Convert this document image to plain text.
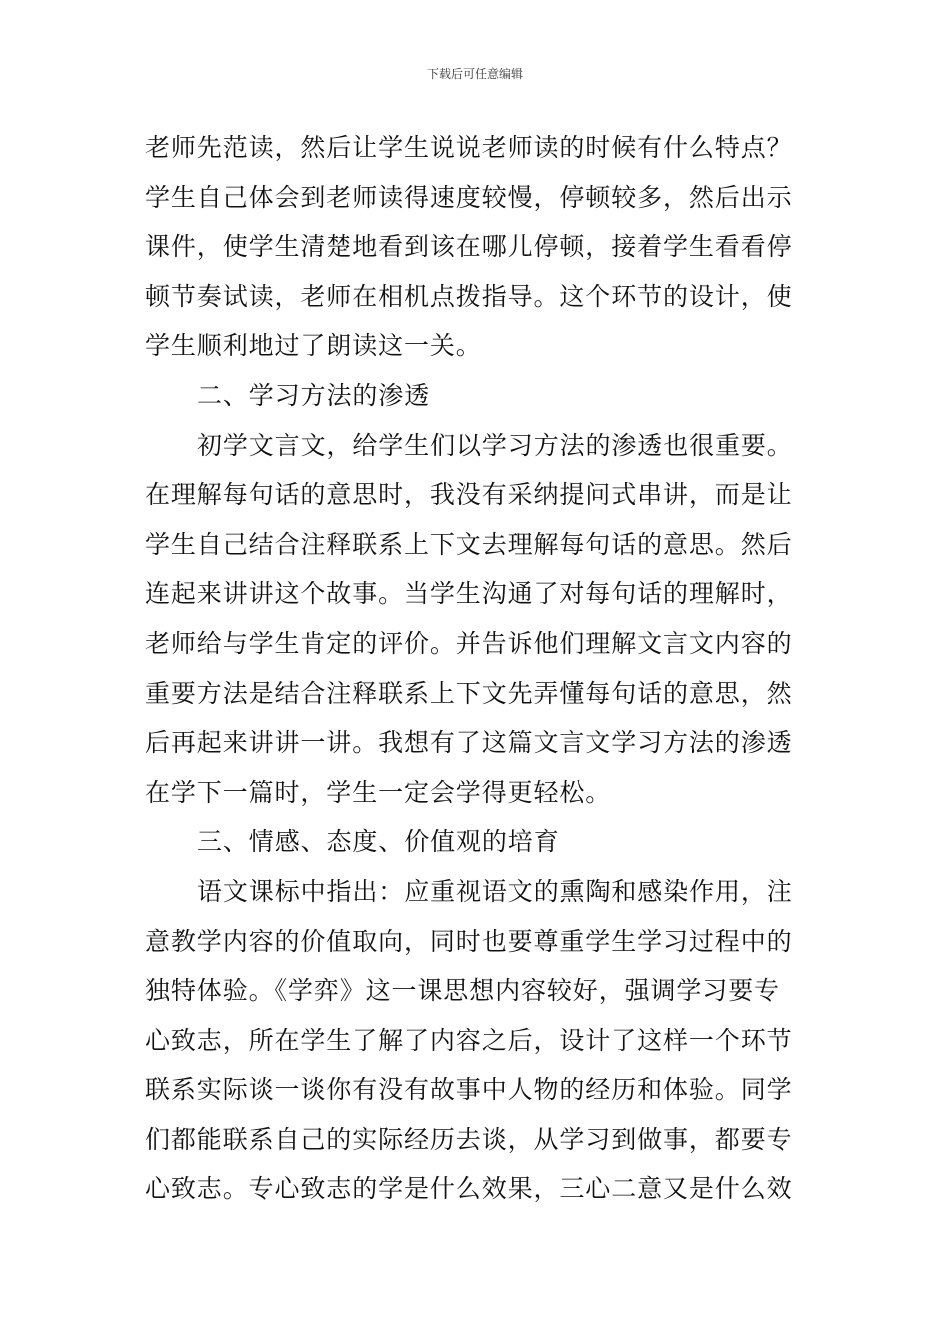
下载后可任意编辑
老师先范读，然后让学生说说老师读的时候有什么特点？
学生自己体会到老师读得速度较慢，停顿较多，然后出示
课件，使学生清楚地看到该在哪儿停顿，接着学生看看停
顿节奏试读，老师在相机点拨指导。这个环节的设计，使
学生顺利地过了朗读这一关。
二、学习方法的渗透
初学文言文，给学生们以学习方法的渗透也很重要。
在理解每句话的意思时，我没有采纳提问式串讲，而是让
学生自己结合注释联系上下文去理解每句话的意思。然后
连起来讲讲这个故事。当学生沟通了对每句话的理解时，
老师给与学生肯定的评价。并告诉他们理解文言文内容的
重要方法是结合注释联系上下文先弄懂每句话的意思，然
后再起来讲讲一讲。我想有了这篇文言文学习方法的渗透
在学下一篇时，学生一定会学得更轻松。
三、情感、态度、价值观的培育
语文课标中指出：应重视语文的熏陶和感染作用，注
意教学内容的价值取向，同时也要尊重学生学习过程中的
独特体验。《学弈》这一课思想内容较好，强调学习要专
心致志，所在学生了解了内容之后，设计了这样一个环节
联系实际谈一谈你有没有故事中人物的经历和体验。同学
们都能联系自己的实际经历去谈，从学习到做事，都要专
心致志。专心致志的学是什么效果，三心二意又是什么效
